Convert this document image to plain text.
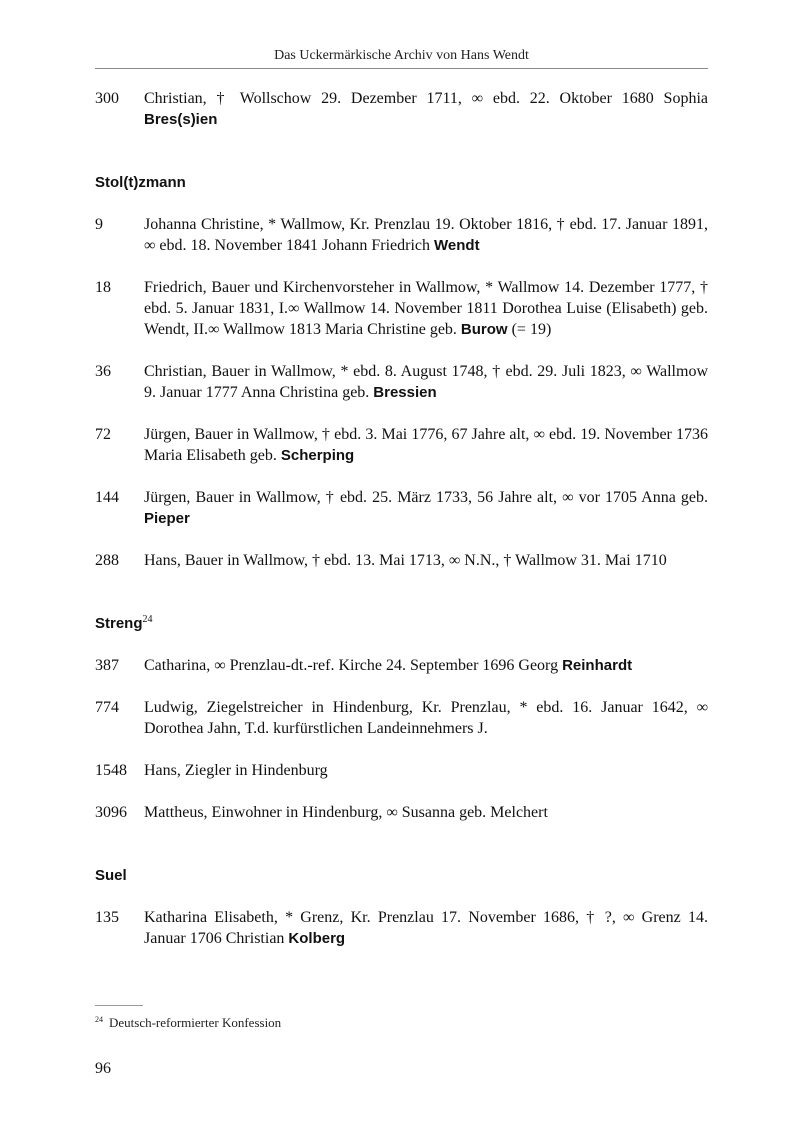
Das Uckermärkische Archiv von Hans Wendt
300	Christian, † Wollschow 29. Dezember 1711, ∞ ebd. 22. Oktober 1680 Sophia Bres(s)ien
Stol(t)zmann
9	Johanna Christine, * Wallmow, Kr. Prenzlau 19. Oktober 1816, † ebd. 17. Januar 1891, ∞ ebd. 18. November 1841 Johann Friedrich Wendt
18	Friedrich, Bauer und Kirchenvorsteher in Wallmow, * Wallmow 14. Dezember 1777, † ebd. 5. Januar 1831, I.∞ Wallmow 14. November 1811 Dorothea Luise (Elisabeth) geb. Wendt, II.∞ Wallmow 1813 Maria Christine geb. Burow (= 19)
36	Christian, Bauer in Wallmow, * ebd. 8. August 1748, † ebd. 29. Juli 1823, ∞ Wallmow 9. Januar 1777 Anna Christina geb. Bressien
72	Jürgen, Bauer in Wallmow, † ebd. 3. Mai 1776, 67 Jahre alt, ∞ ebd. 19. November 1736 Maria Elisabeth geb. Scherping
144	Jürgen, Bauer in Wallmow, † ebd. 25. März 1733, 56 Jahre alt, ∞ vor 1705 Anna geb. Pieper
288	Hans, Bauer in Wallmow, † ebd. 13. Mai 1713, ∞ N.N., † Wallmow 31. Mai 1710
Streng$^{24}$
387	Catharina, ∞ Prenzlau-dt.-ref. Kirche 24. September 1696 Georg Reinhardt
774	Ludwig, Ziegelstreicher in Hindenburg, Kr. Prenzlau, * ebd. 16. Januar 1642, ∞ Dorothea Jahn, T.d. kurfürstlichen Landeinnehmers J.
1548	Hans, Ziegler in Hindenburg
3096	Mattheus, Einwohner in Hindenburg, ∞ Susanna geb. Melchert
Suel
135	Katharina Elisabeth, * Grenz, Kr. Prenzlau 17. November 1686, † ?, ∞ Grenz 14. Januar 1706 Christian Kolberg
$^{24}$ Deutsch-reformierter Konfession
96
